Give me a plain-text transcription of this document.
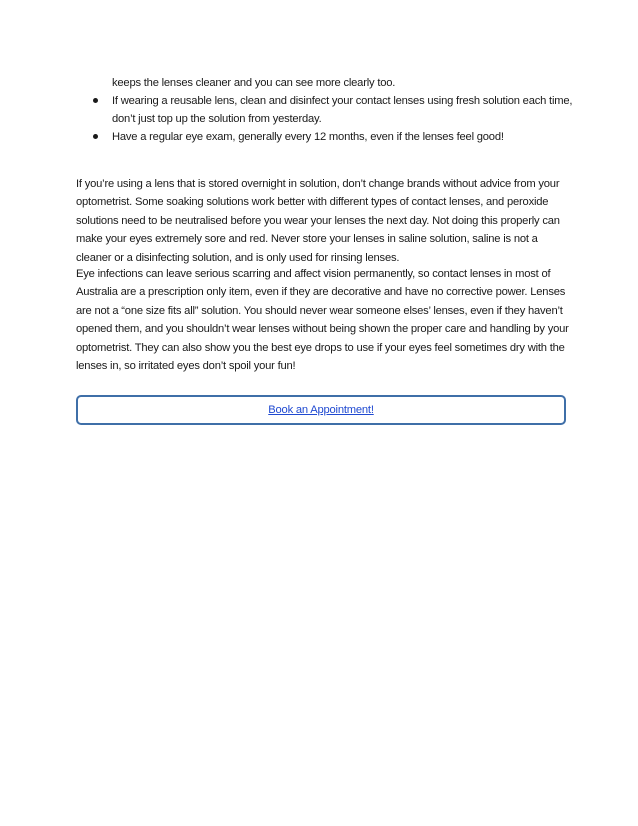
keeps the lenses cleaner and you can see more clearly too.
If wearing a reusable lens, clean and disinfect your contact lenses using fresh solution each time, don’t just top up the solution from yesterday.
Have a regular eye exam, generally every 12 months, even if the lenses feel good!

If you’re using a lens that is stored overnight in solution, don’t change brands without advice from your optometrist. Some soaking solutions work better with different types of contact lenses, and peroxide solutions need to be neutralised before you wear your lenses the next day. Not doing this properly can make your eyes extremely sore and red. Never store your lenses in saline solution, saline is not a cleaner or a disinfecting solution, and is only used for rinsing lenses.

Eye infections can leave serious scarring and affect vision permanently, so contact lenses in most of Australia are a prescription only item, even if they are decorative and have no corrective power. Lenses are not a “one size fits all” solution. You should never wear someone elses’ lenses, even if they haven’t opened them, and you shouldn’t wear lenses without being shown the proper care and handling by your optometrist. They can also show you the best eye drops to use if your eyes feel sometimes dry with the lenses in, so irritated eyes don’t spoil your fun!

Book an Appointment!
